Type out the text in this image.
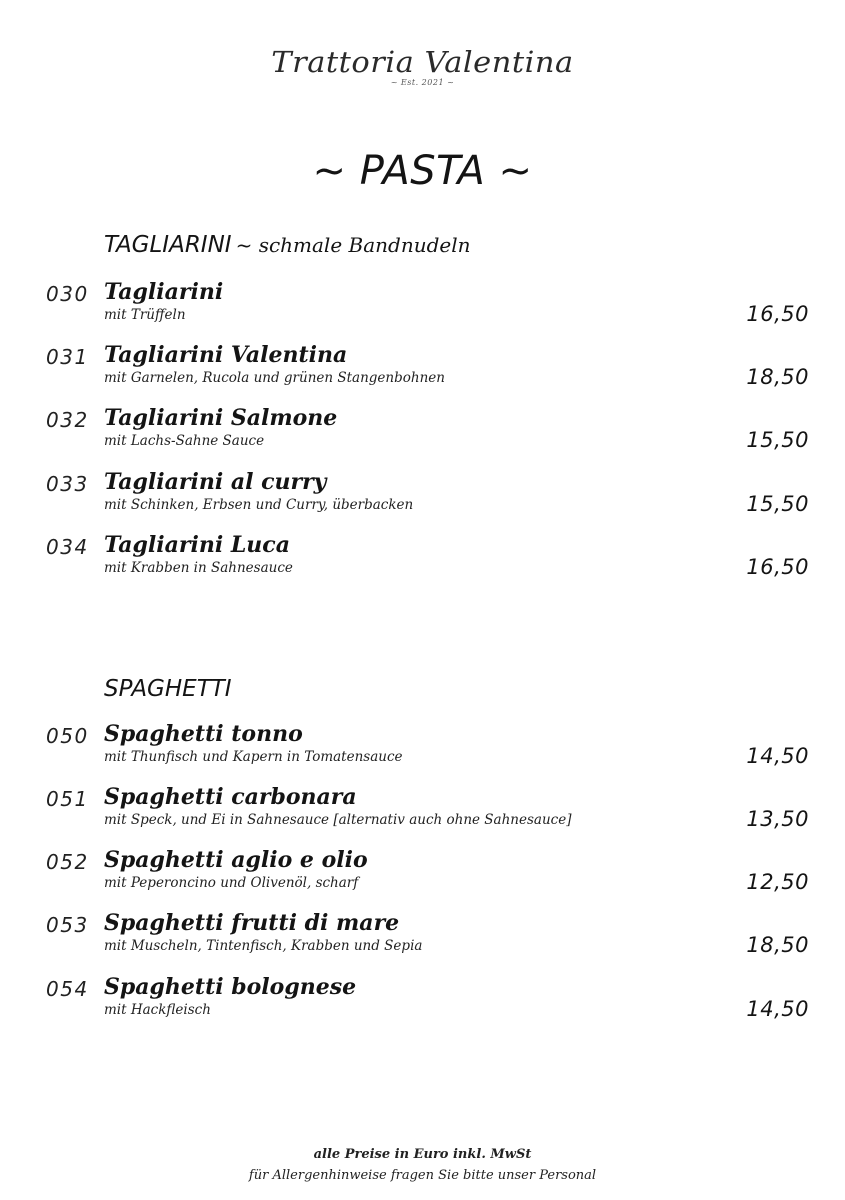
Trattoria Valentina
~ Est. 2021 ~
~ PASTA ~
TAGLIARINI ~ schmale Bandnudeln
030 Tagliarini
mit Trüffeln	16,50
031 Tagliarini Valentina
mit Garnelen, Rucola und grünen Stangenbohnen	18,50
032 Tagliarini Salmone
mit Lachs-Sahne Sauce	15,50
033 Tagliarini al curry
mit Schinken, Erbsen und Curry, überbacken	15,50
034 Tagliarini Luca
mit Krabben in Sahnesauce	16,50
SPAGHETTI
050 Spaghetti tonno
mit Thunfisch und Kapern in Tomatensauce	14,50
051 Spaghetti carbonara
mit Speck, und Ei in Sahnesauce [alternativ auch ohne Sahnesauce]	13,50
052 Spaghetti aglio e olio
mit Peperoncino und Olivenöl, scharf	12,50
053 Spaghetti frutti di mare
mit Muscheln, Tintenfisch, Krabben und Sepia	18,50
054 Spaghetti bolognese
mit Hackfleisch	14,50
alle Preise in Euro inkl. MwSt
für Allergenhinweise fragen Sie bitte unser Personal
